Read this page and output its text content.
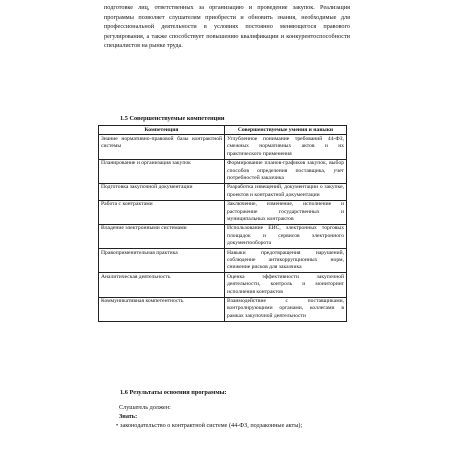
подготовке лиц, ответственных за организацию и проведение закупок. Реализация программы позволяет слушателям приобрести и обновить знания, необходимые для профессиональной деятельности в условиях постоянно меняющегося правового регулирования, а также способствует повышению квалификации и конкурентоспособности специалистов на рынке труда.
1.5 Совершенствуемые компетенции
Компетенция	Совершенствуемые умения и навыки
Знание нормативно-правовой базы контрактной системы	Углубленное понимание требований 44-ФЗ, смежных нормативных актов и их практического применения
Планирование и организация закупок	Формирование планов-графиков закупок, выбор способов определения поставщика, учет потребностей заказчика
Подготовка закупочной документации	Разработка извещений, документации о закупке, проектов и контрактной документации
Работа с контрактами	Заключение, изменение, исполнение и расторжение государственных и муниципальных контрактов
Владение электронными системами	Использование ЕИС, электронных торговых площадок и сервисов электронного документооборота
Правоприменительная практика	Навыки предотвращения нарушений, соблюдение антикоррупционных норм, снижение рисков для заказчика
Аналитическая деятельность	Оценка эффективности закупочной деятельности, контроль и мониторинг исполнения контрактов
Коммуникативная компетентность	Взаимодействие с поставщиками, контролирующими органами, коллегами в рамках закупочной деятельности
1.6 Результаты освоения программы:

Слушатель должен:

Знать:

• законодательство о контрактной системе (44-ФЗ, подзаконные акты);
